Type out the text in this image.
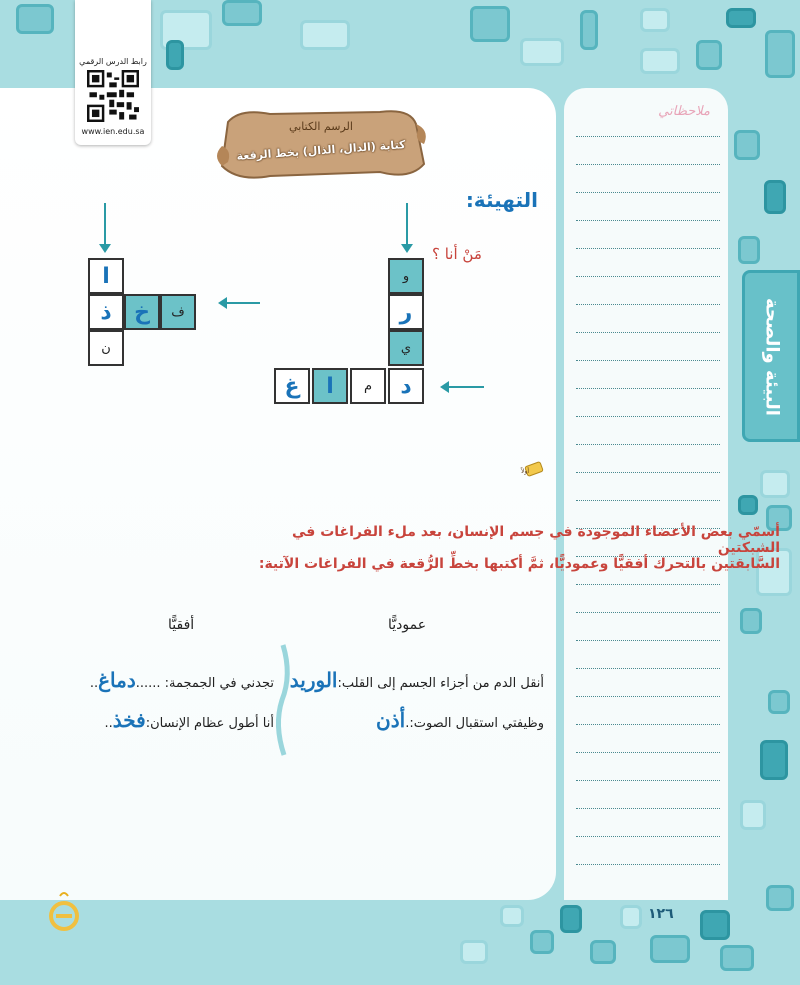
ملاحظاتي
البيئة والصحة
رابط الدرس الرقمي
www.ien.edu.sa	الرسم الكتابي
كتابة (الدال، الذال) بخط الرقعة
التهيئة:
مَنْ أنا ؟
و
ر
ي
د
م
ا
غ
ا
ذ
ن
خ	ف
أولاً
أسمّي بعض الأعضاء الموجودة في جسم الإنسان، بعد ملء الفراغات في الشبكتين
السَّابقتين بالتحرك أفقيًّا وعموديًّا، ثمَّ أكتبها بخطِّ الرُّقعة في الفراغات الآتية:
عموديًّا
أفقيًّا
أنقل الدم من أجزاء الجسم إلى القلب:الوريد
وظيفتي استقبال الصوت:.أذن
تجدني في الجمجمة: ......دماغ..
أنا أطول عظام الإنسان:فخذ..
١٢٦
